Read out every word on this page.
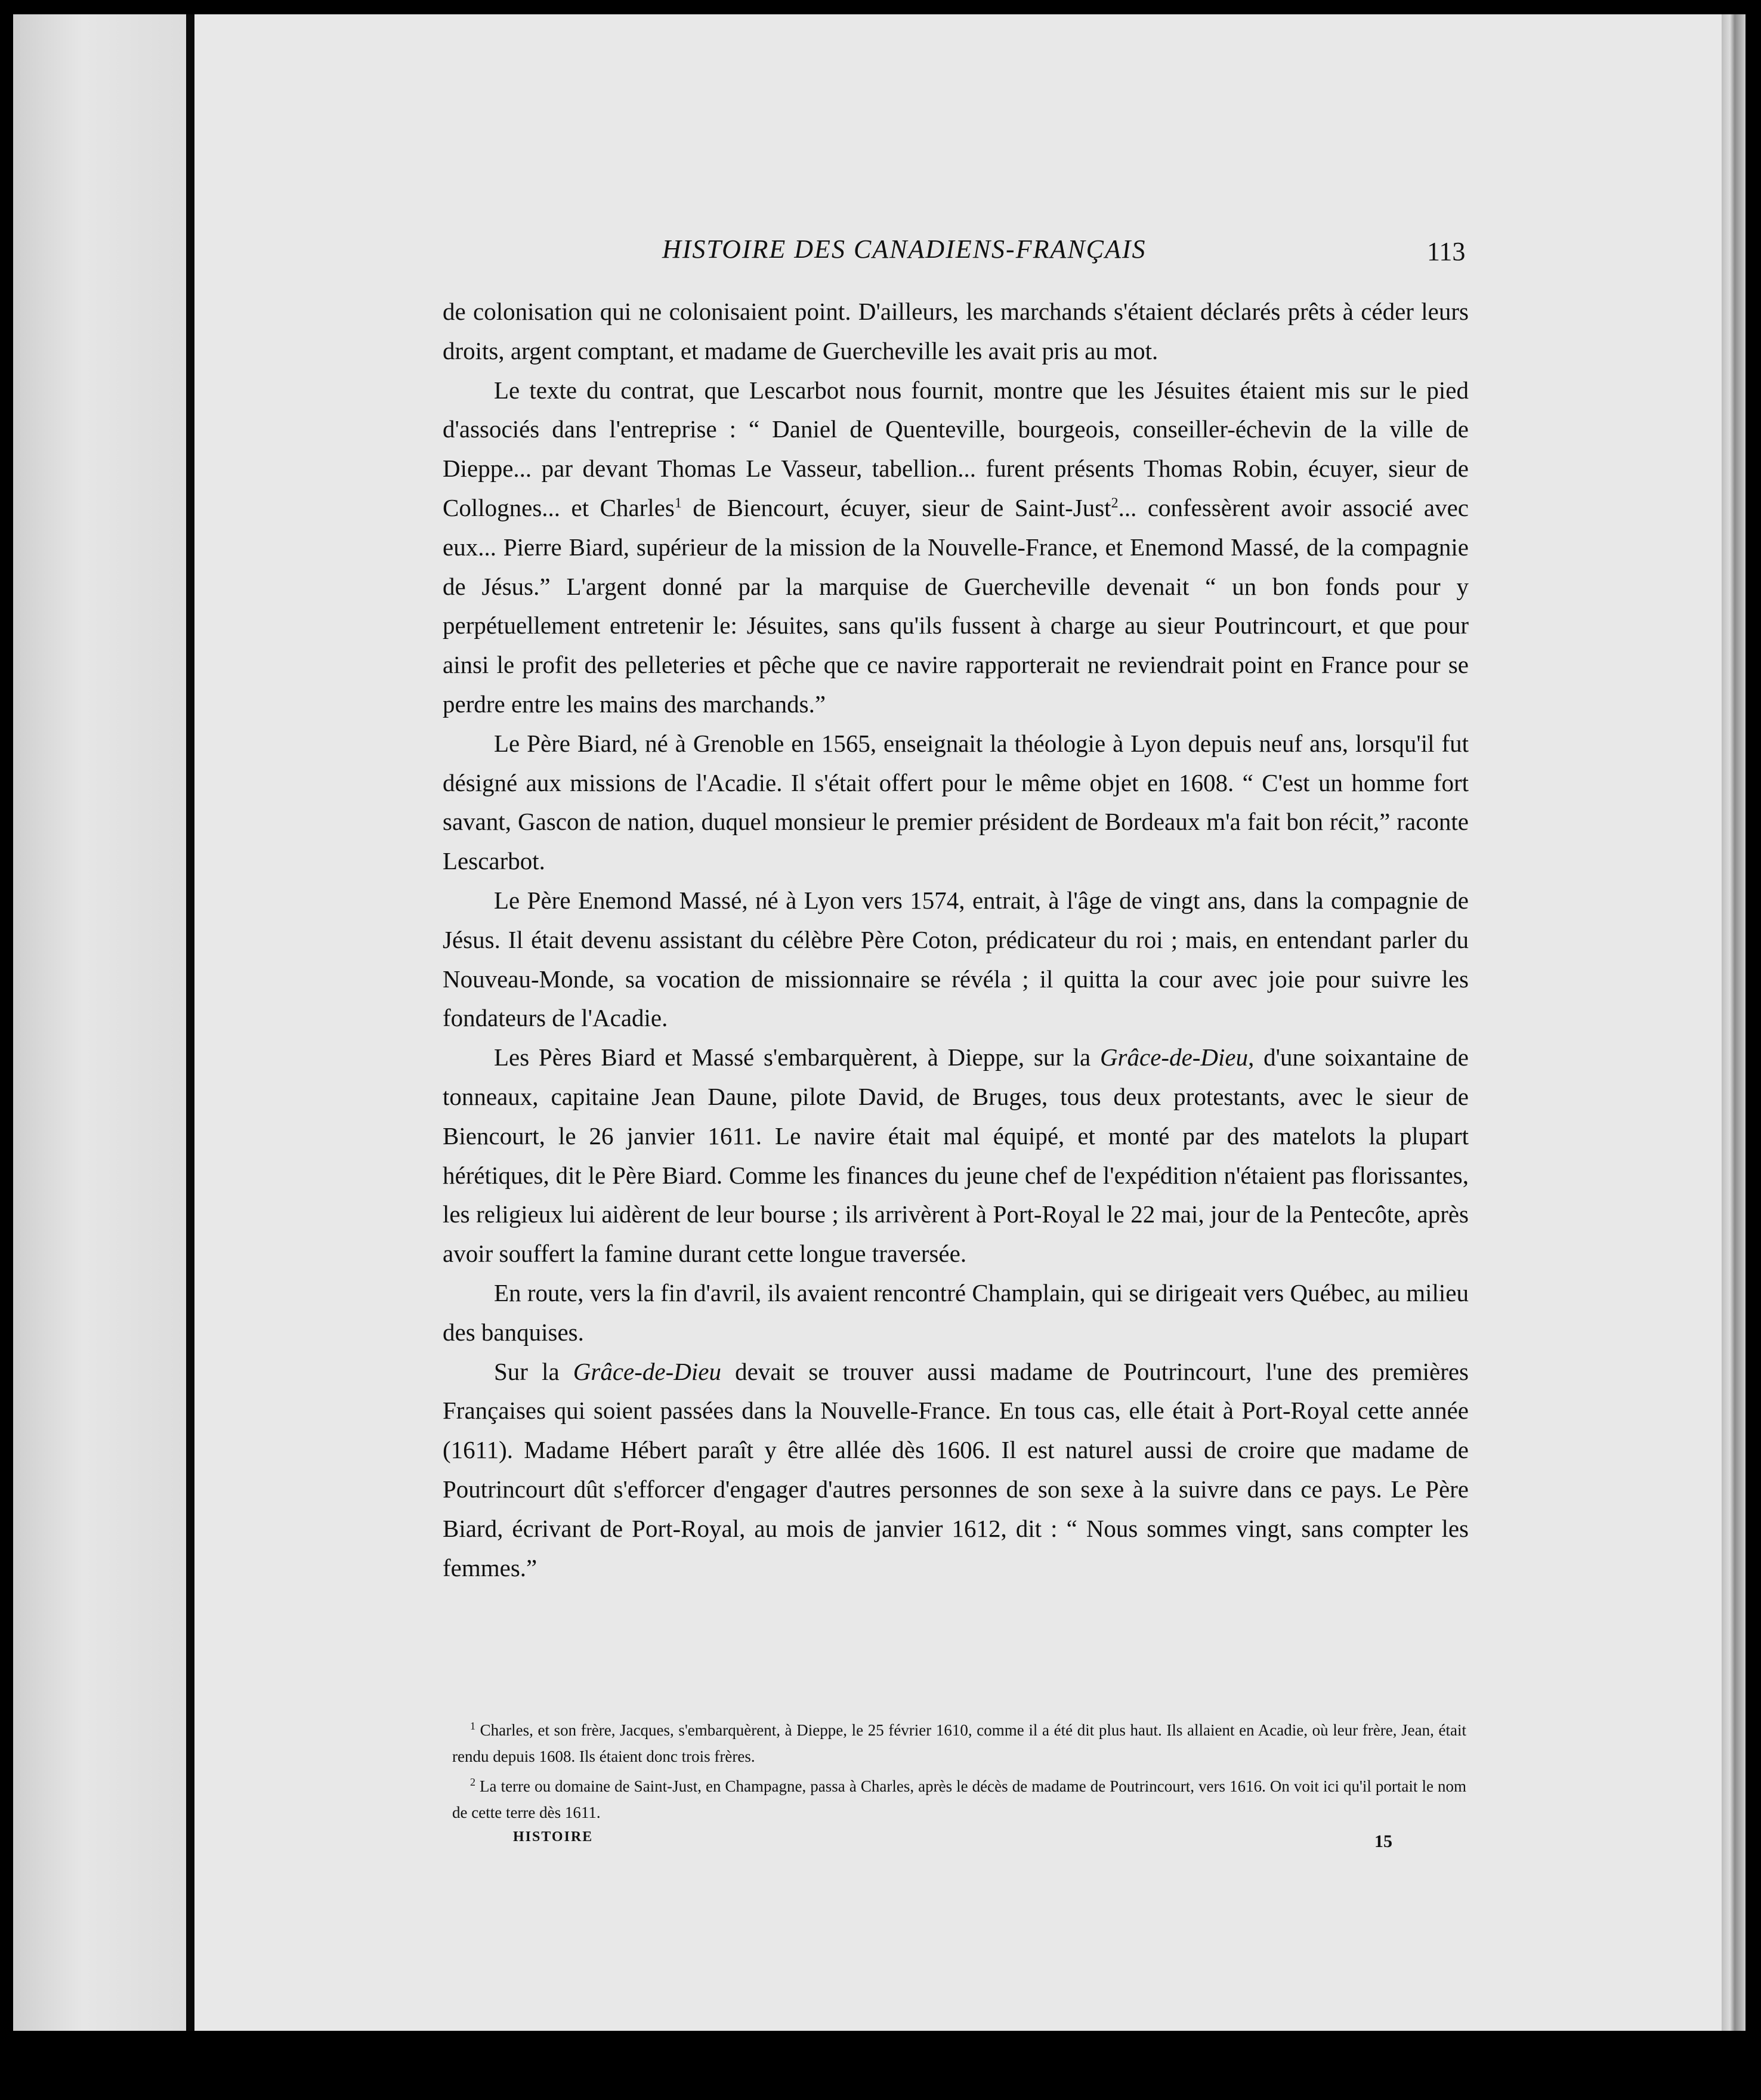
HISTOIRE DES CANADIENS-FRANÇAIS	113

de colonisation qui ne colonisaient point. D'ailleurs, les marchands s'étaient déclarés prêts à céder leurs droits, argent comptant, et madame de Guercheville les avait pris au mot.

Le texte du contrat, que Lescarbot nous fournit, montre que les Jésuites étaient mis sur le pied d'associés dans l'entreprise : “ Daniel de Quenteville, bourgeois, conseiller-échevin de la ville de Dieppe... par devant Thomas Le Vasseur, tabellion... furent présents Thomas Robin, écuyer, sieur de Collognes... et Charles$^1$ de Biencourt, écuyer, sieur de Saint-Just$^2$... confessèrent avoir associé avec eux... Pierre Biard, supérieur de la mission de la Nouvelle-France, et Enemond Massé, de la compagnie de Jésus.” L'argent donné par la marquise de Guercheville devenait “ un bon fonds pour y perpétuellement entretenir le: Jésuites, sans qu'ils fussent à charge au sieur Poutrincourt, et que pour ainsi le profit des pelleteries et pêche que ce navire rapporterait ne reviendrait point en France pour se perdre entre les mains des marchands.”

Le Père Biard, né à Grenoble en 1565, enseignait la théologie à Lyon depuis neuf ans, lorsqu'il fut désigné aux missions de l'Acadie. Il s'était offert pour le même objet en 1608. “ C'est un homme fort savant, Gascon de nation, duquel monsieur le premier président de Bordeaux m'a fait bon récit,” raconte Lescarbot.

Le Père Enemond Massé, né à Lyon vers 1574, entrait, à l'âge de vingt ans, dans la compagnie de Jésus. Il était devenu assistant du célèbre Père Coton, prédicateur du roi ; mais, en entendant parler du Nouveau-Monde, sa vocation de missionnaire se révéla ; il quitta la cour avec joie pour suivre les fondateurs de l'Acadie.

Les Pères Biard et Massé s'embarquèrent, à Dieppe, sur la Grâce-de-Dieu, d'une soixantaine de tonneaux, capitaine Jean Daune, pilote David, de Bruges, tous deux protestants, avec le sieur de Biencourt, le 26 janvier 1611. Le navire était mal équipé, et monté par des matelots la plupart hérétiques, dit le Père Biard. Comme les finances du jeune chef de l'expédition n'étaient pas florissantes, les religieux lui aidèrent de leur bourse ; ils arrivèrent à Port-Royal le 22 mai, jour de la Pentecôte, après avoir souffert la famine durant cette longue traversée.

En route, vers la fin d'avril, ils avaient rencontré Champlain, qui se dirigeait vers Québec, au milieu des banquises.

Sur la Grâce-de-Dieu devait se trouver aussi madame de Poutrincourt, l'une des premières Françaises qui soient passées dans la Nouvelle-France. En tous cas, elle était à Port-Royal cette année (1611). Madame Hébert paraît y être allée dès 1606. Il est naturel aussi de croire que madame de Poutrincourt dût s'efforcer d'engager d'autres personnes de son sexe à la suivre dans ce pays. Le Père Biard, écrivant de Port-Royal, au mois de janvier 1612, dit : “ Nous sommes vingt, sans compter les femmes.”

$^1$ Charles, et son frère, Jacques, s'embarquèrent, à Dieppe, le 25 février 1610, comme il a été dit plus haut. Ils allaient en Acadie, où leur frère, Jean, était rendu depuis 1608. Ils étaient donc trois frères.

$^2$ La terre ou domaine de Saint-Just, en Champagne, passa à Charles, après le décès de madame de Poutrincourt, vers 1616. On voit ici qu'il portait le nom de cette terre dès 1611.

HISTOIRE	15
